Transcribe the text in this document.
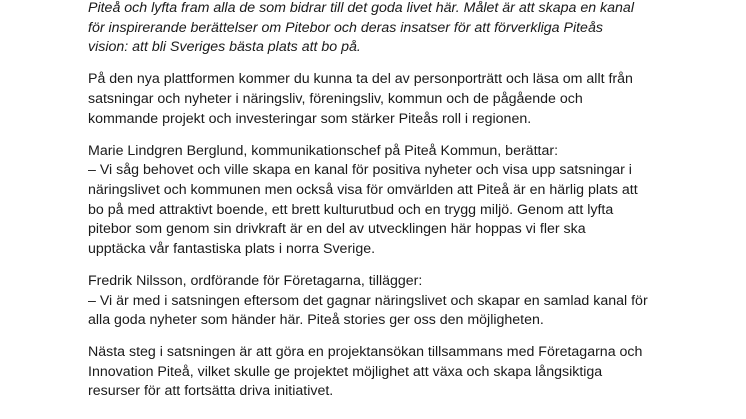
Piteå och lyfta fram alla de som bidrar till det goda livet här. Målet är att skapa en kanal
för inspirerande berättelser om Pitebor och deras insatser för att förverkliga Piteås
vision: att bli Sveriges bästa plats att bo på.

På den nya plattformen kommer du kunna ta del av personporträtt och läsa om allt från
satsningar och nyheter i näringsliv, föreningsliv, kommun och de pågående och
kommande projekt och investeringar som stärker Piteås roll i regionen.

Marie Lindgren Berglund, kommunikationschef på Piteå Kommun, berättar:
– Vi såg behovet och ville skapa en kanal för positiva nyheter och visa upp satsningar i
näringslivet och kommunen men också visa för omvärlden att Piteå är en härlig plats att
bo på med attraktivt boende, ett brett kulturutbud och en trygg miljö. Genom att lyfta
pitebor som genom sin drivkraft är en del av utvecklingen här hoppas vi fler ska
upptäcka vår fantastiska plats i norra Sverige.

Fredrik Nilsson, ordförande för Företagarna, tillägger:
– Vi är med i satsningen eftersom det gagnar näringslivet och skapar en samlad kanal för
alla goda nyheter som händer här. Piteå stories ger oss den möjligheten.

Nästa steg i satsningen är att göra en projektansökan tillsammans med Företagarna och
Innovation Piteå, vilket skulle ge projektet möjlighet att växa och skapa långsiktiga
resurser för att fortsätta driva initiativet.
